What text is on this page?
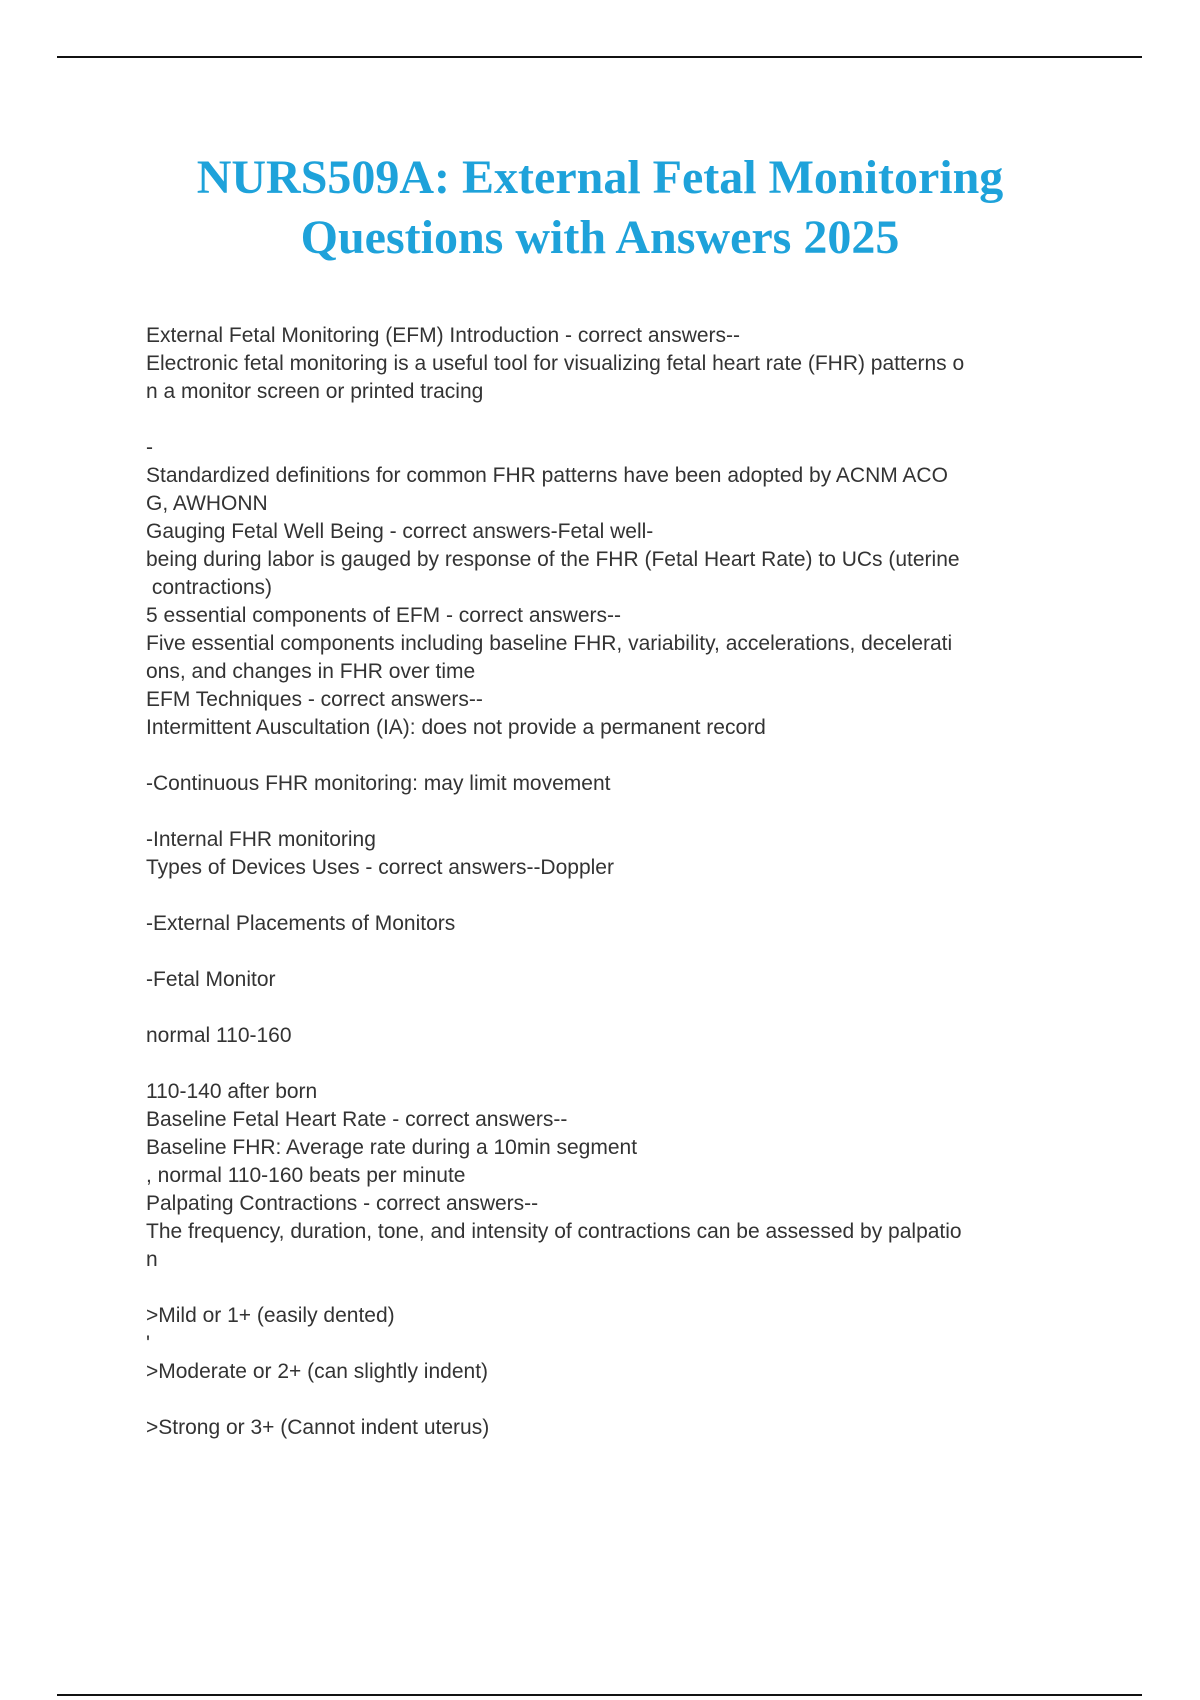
NURS509A: External Fetal Monitoring
Questions with Answers 2025
External Fetal Monitoring (EFM) Introduction - correct answers--
Electronic fetal monitoring is a useful tool for visualizing fetal heart rate (FHR) patterns o
n a monitor screen or printed tracing
-
Standardized definitions for common FHR patterns have been adopted by ACNM ACO
G, AWHONN
Gauging Fetal Well Being - correct answers-Fetal well-
being during labor is gauged by response of the FHR (Fetal Heart Rate) to UCs (uterine
contractions)
5 essential components of EFM - correct answers--
Five essential components including baseline FHR, variability, accelerations, decelerati
ons, and changes in FHR over time
EFM Techniques - correct answers--
Intermittent Auscultation (IA): does not provide a permanent record
-Continuous FHR monitoring: may limit movement
-Internal FHR monitoring
Types of Devices Uses - correct answers--Doppler
-External Placements of Monitors
-Fetal Monitor
normal 110-160
110-140 after born
Baseline Fetal Heart Rate - correct answers--
Baseline FHR: Average rate during a 10min segment
, normal 110-160 beats per minute
Palpating Contractions - correct answers--
The frequency, duration, tone, and intensity of contractions can be assessed by palpatio
n
>Mild or 1+ (easily dented)
'
>Moderate or 2+ (can slightly indent)
>Strong or 3+ (Cannot indent uterus)
